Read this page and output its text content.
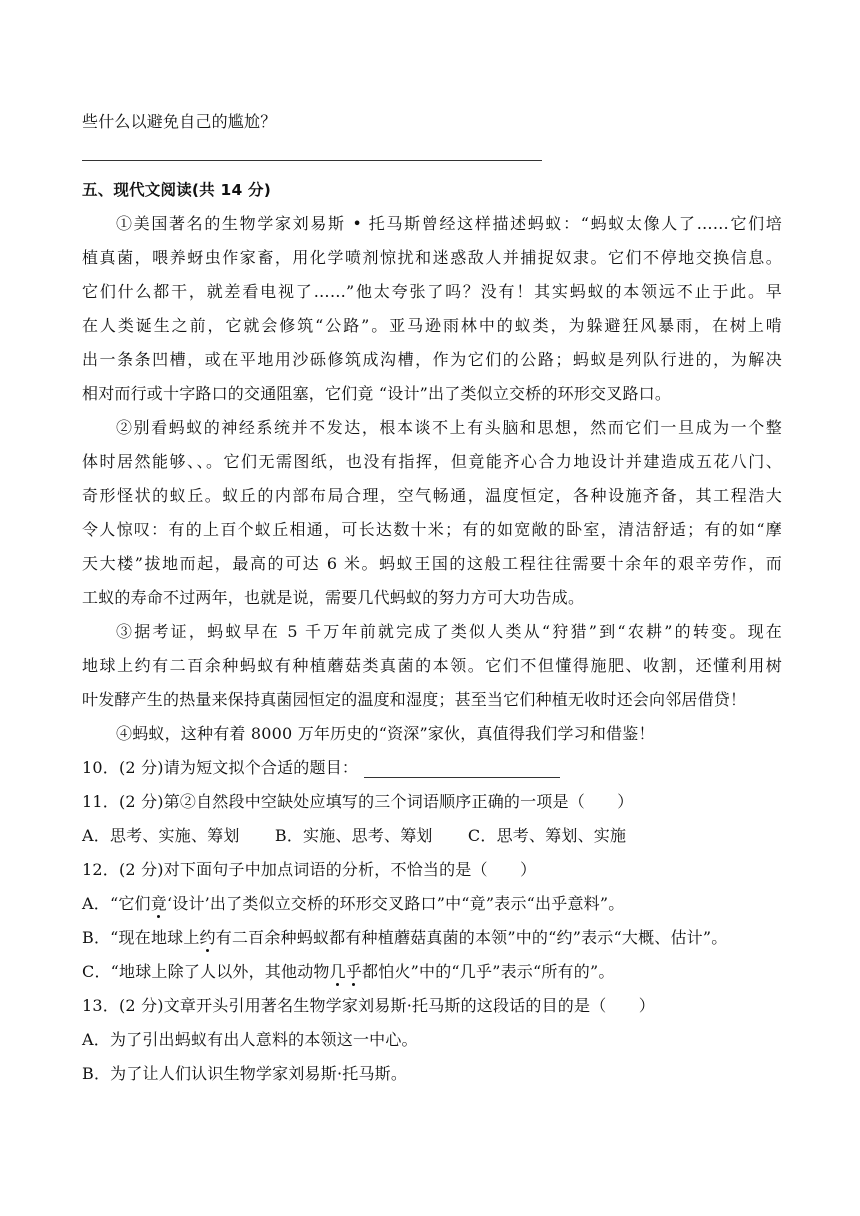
些什么以避免自己的尴尬？
五、现代文阅读(共 14 分)
①美国著名的生物学家刘易斯 • 托马斯曾经这样描述蚂蚁：“蚂蚁太像人了……它们培
植真菌，喂养蚜虫作家畜，用化学喷剂惊扰和迷惑敌人并捕捉奴隶。它们不停地交换信息。
它们什么都干，就差看电视了……”他太夸张了吗？没有！其实蚂蚁的本领远不止于此。早
在人类诞生之前，它就会修筑“公路”。亚马逊雨林中的蚁类，为躲避狂风暴雨，在树上啃
出一条条凹槽，或在平地用沙砾修筑成沟槽，作为它们的公路；蚂蚁是列队行进的，为解决
相对而行或十字路口的交通阻塞，它们竟 “设计”出了类似立交桥的环形交叉路口。
②别看蚂蚁的神经系统并不发达，根本谈不上有头脑和思想，然而它们一旦成为一个整
体时居然能够、、。它们无需图纸，也没有指挥，但竟能齐心合力地设计并建造成五花八门、
奇形怪状的蚁丘。蚁丘的内部布局合理，空气畅通，温度恒定，各种设施齐备，其工程浩大
令人惊叹：有的上百个蚁丘相通，可长达数十米；有的如宽敞的卧室，清洁舒适；有的如“摩
天大楼”拔地而起，最高的可达 6 米。蚂蚁王国的这般工程往往需要十余年的艰辛劳作，而
工蚁的寿命不过两年，也就是说，需要几代蚂蚁的努力方可大功告成。
③据考证，蚂蚁早在 5 千万年前就完成了类似人类从“狩猎”到“农耕”的转变。现在
地球上约有二百余种蚂蚁有种植蘑菇类真菌的本领。它们不但懂得施肥、收割，还懂利用树
叶发酵产生的热量来保持真菌园恒定的温度和湿度；甚至当它们种植无收时还会向邻居借贷！
④蚂蚁，这种有着 8000 万年历史的“资深”家伙，真值得我们学习和借鉴！
10．(2 分)请为短文拟个合适的题目：
11．(2 分)第②自然段中空缺处应填写的三个词语顺序正确的一项是（　　）
A．思考、实施、筹划 B．实施、思考、筹划 C．思考、筹划、实施
12．(2 分)对下面句子中加点词语的分析，不恰当的是（　　）
A．“它们竟‘设计’出了类似立交桥的环形交叉路口”中“竟”表示“出乎意料”。
B．“现在地球上约有二百余种蚂蚁都有种植蘑菇真菌的本领”中的“约”表示“大概、估计”。
C．“地球上除了人以外，其他动物几乎都怕火”中的“几乎”表示“所有的”。
13．(2 分)文章开头引用著名生物学家刘易斯·托马斯的这段话的目的是（　　）
A．为了引出蚂蚁有出人意料的本领这一中心。
B．为了让人们认识生物学家刘易斯·托马斯。
